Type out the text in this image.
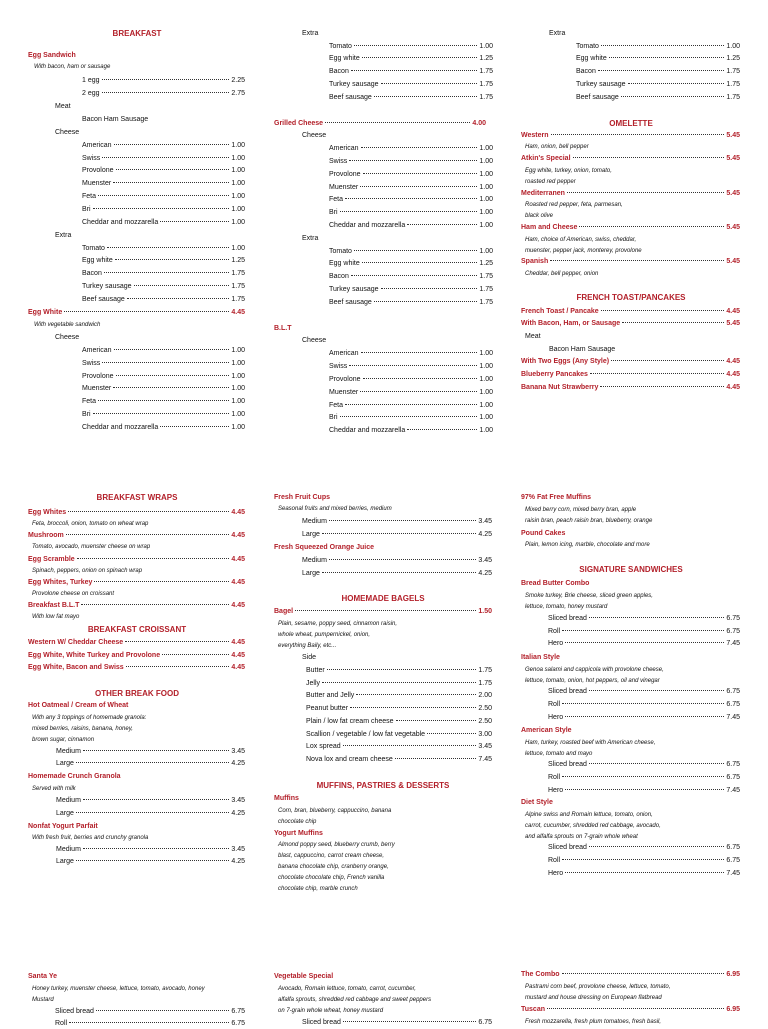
BREAKFAST
Egg Sandwich
With bacon, ham or sausage
1 egg	2.25
2 egg	2.75
Meat
Bacon Ham Sausage
Cheese
American	1.00
Swiss	1.00
Provolone	1.00
Muenster	1.00
Feta	1.00
Bri	1.00
Cheddar and mozzarella	1.00
Extra
Tomato	1.00
Egg white	1.25
Bacon	1.75
Turkey sausage	1.75
Beef sausage	1.75
Egg White	4.45
With vegetable sandwich
Cheese
American	1.00
Swiss	1.00
Provolone	1.00
Muenster	1.00
Feta	1.00
Bri	1.00
Cheddar and mozzarella	1.00
BREAKFAST WRAPS
Egg Whites	4.45
Feta, broccoli, onion, tomato on wheat wrap
Mushroom	4.45
Tomato, avocado, muenster cheese on wrap
Egg Scramble	4.45
Spinach, peppers, onion on spinach wrap
Egg Whites, Turkey	4.45
Provolone cheese on croissant
Breakfast B.L.T	4.45
With low fat mayo
BREAKFAST CROISSANT
Western W/ Cheddar Cheese	4.45
Egg White, White Turkey and Provolone	4.45
Egg White, Bacon and Swiss	4.45
OTHER BREAK FOOD
Hot Oatmeal / Cream of Wheat
With any 3 toppings of homemade granola:
mixed berries, raisins, banana, honey,
brown sugar, cinnamon
Medium	3.45
Large	4.25
Homemade Crunch Granola
Served with milk
Medium	3.45
Large	4.25
Nonfat Yogurt Parfait
With fresh fruit, berries and crunchy granola
Medium	3.45
Large	4.25
Santa Ye
Honey turkey, muenster cheese, lettuce, tomato, avocado, honey
Mustard
Sliced bread	6.75
Roll	6.75
Extra
Tomato	1.00
Egg white	1.25
Bacon	1.75
Turkey sausage	1.75
Beef sausage	1.75
Grilled Cheese	4.00
Cheese
American	1.00
Swiss	1.00
Provolone	1.00
Muenster	1.00
Feta	1.00
Bri	1.00
Cheddar and mozzarella	1.00
Extra
Tomato	1.00
Egg white	1.25
Bacon	1.75
Turkey sausage	1.75
Beef sausage	1.75
B.L.T
Cheese
American	1.00
Swiss	1.00
Provolone	1.00
Muenster	1.00
Feta	1.00
Bri	1.00
Cheddar and mozzarella	1.00
Fresh Fruit Cups
Seasonal fruits and mixed berries, medium
Medium	3.45
Large	4.25
Fresh Squeezed Orange Juice
Medium	3.45
Large	4.25
HOMEMADE BAGELS
Bagel	1.50
Plain, sesame, poppy seed, cinnamon raisin,
whole wheat, pumpernickel, onion,
everything Baily, etc...
Side
Butter	1.75
Jelly	1.75
Butter and Jelly	2.00
Peanut butter	2.50
Plain / low fat cream cheese	2.50
Scallion / vegetable / low fat vegetable	3.00
Lox spread	3.45
Nova lox and cream cheese	7.45
MUFFINS, PASTRIES & DESSERTS
Muffins
Corn, bran, blueberry, cappuccino, banana
chocolate chip
Yogurt Muffins
Almond poppy seed, blueberry crumb, berry
blast, cappuccino, carrot cream cheese,
banana chocolate chip, cranberry orange,
chocolate chocolate chip, French vanilla
chocolate chip, marble crunch
Vegetable Special
Avocado, Romain lettuce, tomato, carrot, cucumber,
alfalfa sprouts, shredded red cabbage and sweet peppers
on 7-grain whole wheat, honey mustard
Sliced bread	6.75
Extra
Tomato	1.00
Egg white	1.25
Bacon	1.75
Turkey sausage	1.75
Beef sausage	1.75
OMELETTE
Western	5.45
Ham, onion, bell pepper
Atkin's Special	5.45
Egg white, turkey, onion, tomato,
roasted red pepper
Mediterranen	5.45
Roasted red pepper, feta, parmesan,
black olive
Ham and Cheese	5.45
Ham, choice of American, swiss, cheddar,
muenster, pepper jack, monterey, provolone
Spanish	5.45
Cheddar, bell pepper, onion
FRENCH TOAST/PANCAKES
French Toast / Pancake	4.45
With Bacon, Ham, or Sausage	5.45
Meat
Bacon Ham Sausage
With Two Eggs (Any Style)	4.45
Blueberry Pancakes	4.45
Banana Nut Strawberry	4.45
97% Fat Free Muffins
Mixed berry corn, mixed berry bran, apple
raisin bran, peach raisin bran, blueberry, orange
Pound Cakes
Plain, lemon icing, marble, chocolate and more
SIGNATURE SANDWICHES
Bread Butter Combo
Smoke turkey, Brie cheese, sliced green apples,
lettuce, tomato, honey mustard
Sliced bread	6.75
Roll	6.75
Hero	7.45
Italian Style
Genoa salami and cappicola with provolone cheese,
lettuce, tomato, onion, hot peppers, oil and vinegar
Sliced bread	6.75
Roll	6.75
Hero	7.45
American Style
Ham, turkey, roasted beef with American cheese,
lettuce, tomato and mayo
Sliced bread	6.75
Roll	6.75
Hero	7.45
Diet Style
Alpine swiss and Romain lettuce, tomato, onion,
carrot, cucumber, shredded red cabbage, avocado,
and alfalfa sprouts on 7-grain whole wheat
Sliced bread	6.75
Roll	6.75
Hero	7.45
The Combo	6.95
Pastrami corn beef, provolone cheese, lettuce, tomato,
mustard and house dressing on European flatbread
Tuscan	6.95
Fresh mozzarella, fresh plum tomatoes, fresh basil,
